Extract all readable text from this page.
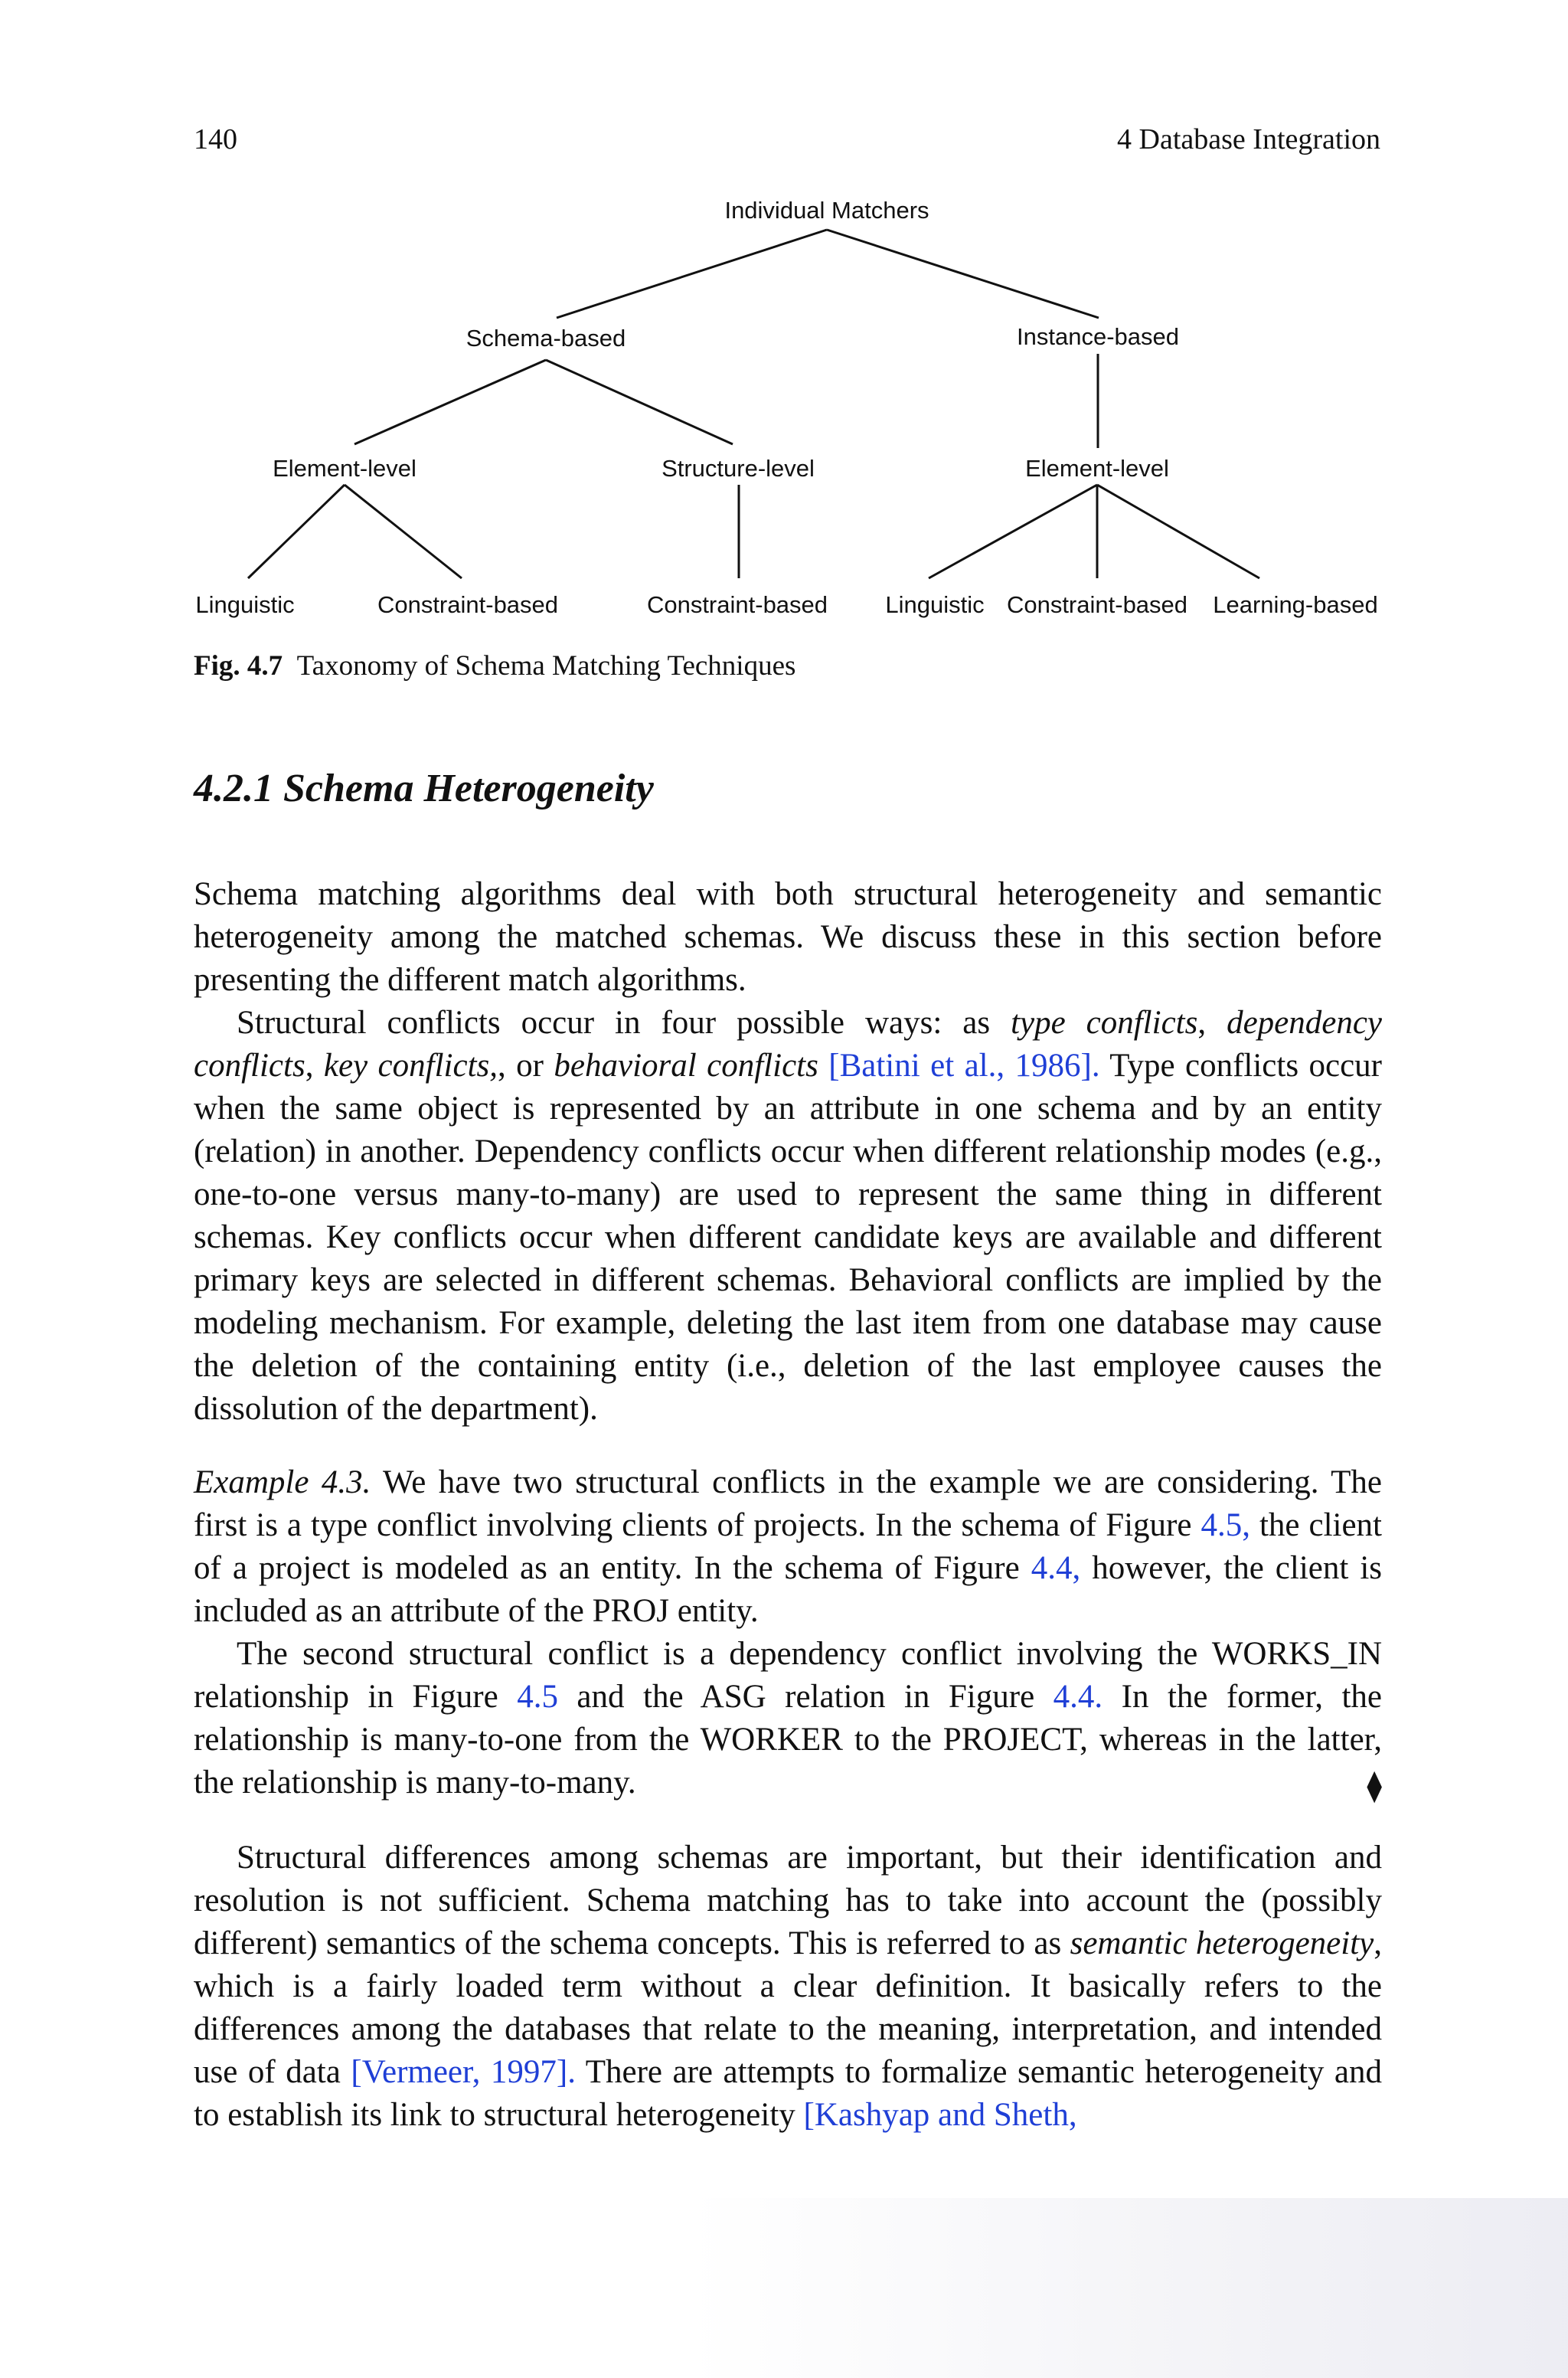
140	4 Database Integration
Individual Matchers
Schema-based	Instance-based
Element-level	Structure-level	Element-level
Linguistic	Constraint-based	Constraint-based Linguistic Constraint-based Learning-based
Fig. 4.7 Taxonomy of Schema Matching Techniques
4.2.1 Schema Heterogeneity

Schema matching algorithms deal with both structural heterogeneity and semantic heterogeneity among the matched schemas. We discuss these in this section before presenting the different match algorithms.

Structural conflicts occur in four possible ways: as type conflicts, dependency conflicts, key conflicts,, or behavioral conflicts [Batini et al., 1986]. Type conflicts occur when the same object is represented by an attribute in one schema and by an entity (relation) in another. Dependency conflicts occur when different relationship modes (e.g., one-to-one versus many-to-many) are used to represent the same thing in different schemas. Key conflicts occur when different candidate keys are available and different primary keys are selected in different schemas. Behavioral conflicts are implied by the modeling mechanism. For example, deleting the last item from one database may cause the deletion of the containing entity (i.e., deletion of the last employee causes the dissolution of the department).

Example 4.3. We have two structural conflicts in the example we are considering. The first is a type conflict involving clients of projects. In the schema of Figure 4.5, the client of a project is modeled as an entity. In the schema of Figure 4.4, however, the client is included as an attribute of the PROJ entity.

The second structural conflict is a dependency conflict involving the WORKS_IN relationship in Figure 4.5 and the ASG relation in Figure 4.4. In the former, the relationship is many-to-one from the WORKER to the PROJECT, whereas in the latter, the relationship is many-to-many.	⧫

Structural differences among schemas are important, but their identification and resolution is not sufficient. Schema matching has to take into account the (possibly different) semantics of the schema concepts. This is referred to as semantic heterogeneity, which is a fairly loaded term without a clear definition. It basically refers to the differences among the databases that relate to the meaning, interpretation, and intended use of data [Vermeer, 1997]. There are attempts to formalize semantic heterogeneity and to establish its link to structural heterogeneity [Kashyap and Sheth,
